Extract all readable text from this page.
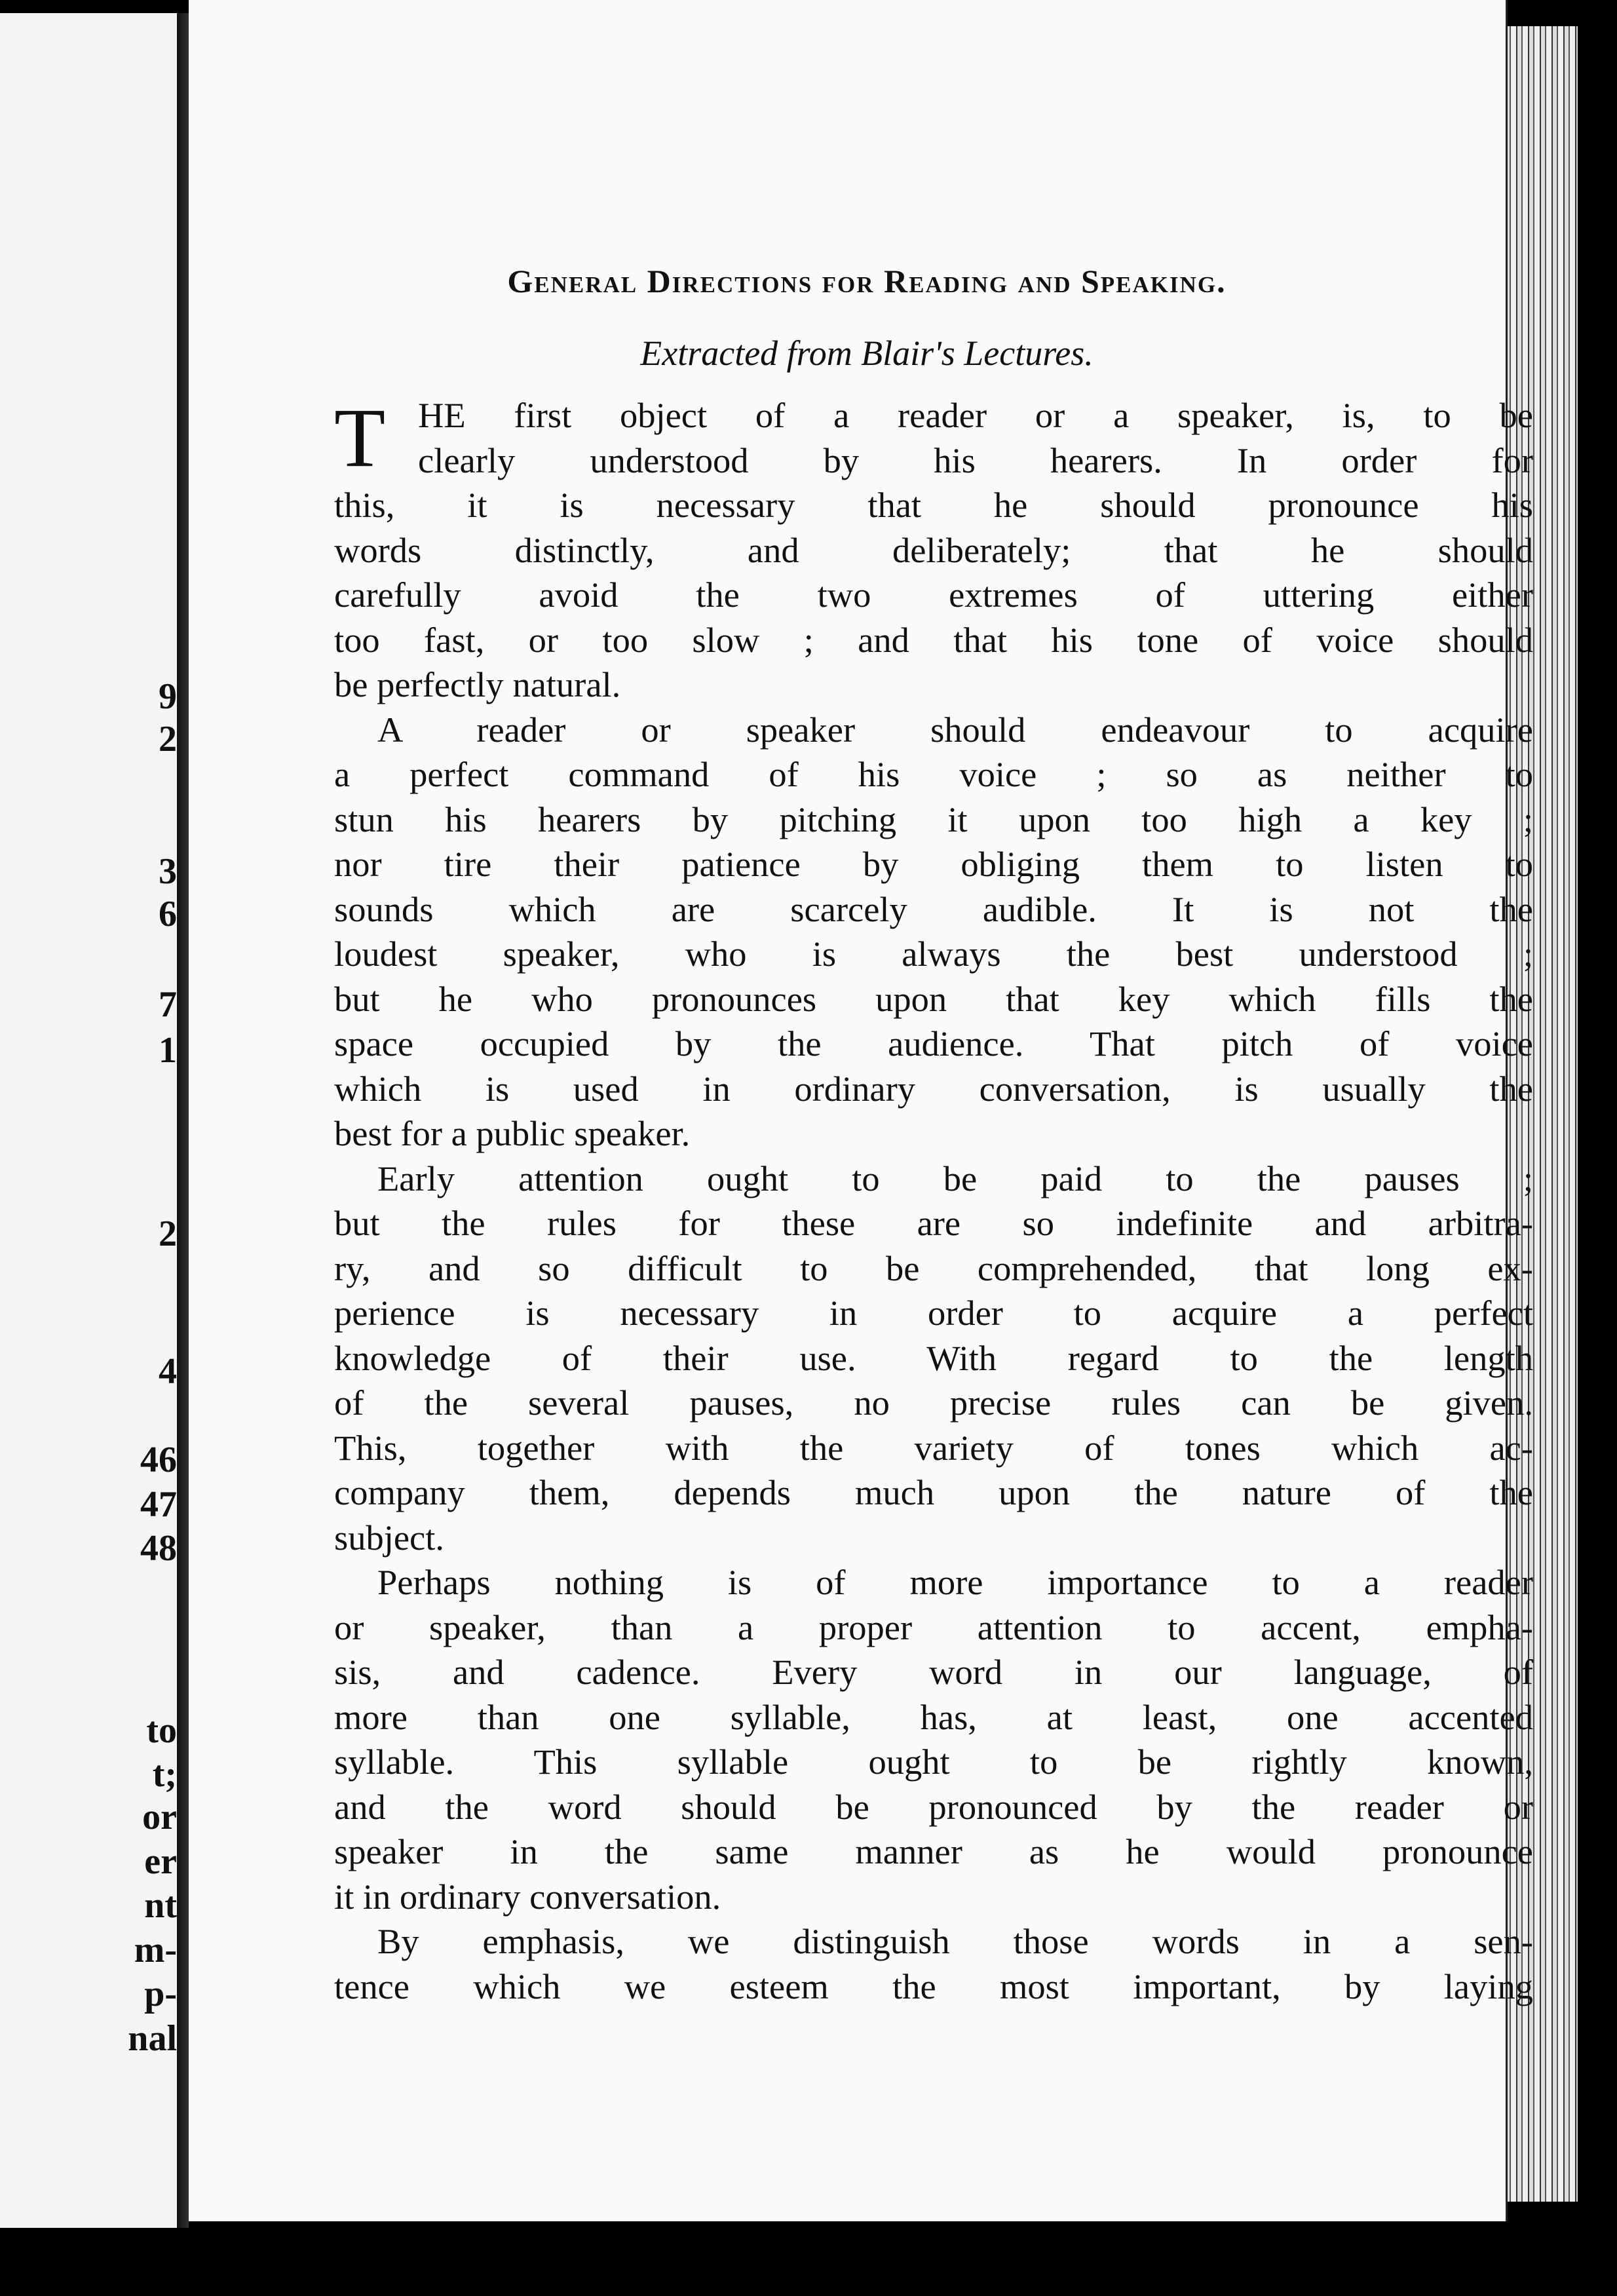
9
2
3
6
7
1
2
4
46
47
48
to
t;
or
er
nt
m-
p-
nal
General Directions for Reading and Speaking.
Extracted from Blair's Lectures.
T HE first object of a reader or a speaker, is, to be
clearly understood by his hearers. In order for
this, it is necessary that he should pronounce his
words distinctly, and deliberately; that he should
carefully avoid the two extremes of uttering either
too fast, or too slow ; and that his tone of voice should
be perfectly natural.
A reader or speaker should endeavour to acquire
a perfect command of his voice ; so as neither to
stun his hearers by pitching it upon too high a key ;
nor tire their patience by obliging them to listen to
sounds which are scarcely audible. It is not the
loudest speaker, who is always the best understood ;
but he who pronounces upon that key which fills the
space occupied by the audience. That pitch of voice
which is used in ordinary conversation, is usually the
best for a public speaker.
Early attention ought to be paid to the pauses ;
but the rules for these are so indefinite and arbitra-
ry, and so difficult to be comprehended, that long ex-
perience is necessary in order to acquire a perfect
knowledge of their use. With regard to the length
of the several pauses, no precise rules can be given.
This, together with the variety of tones which ac-
company them, depends much upon the nature of the
subject.
Perhaps nothing is of more importance to a reader
or speaker, than a proper attention to accent, empha-
sis, and cadence. Every word in our language, of
more than one syllable, has, at least, one accented
syllable. This syllable ought to be rightly known,
and the word should be pronounced by the reader or
speaker in the same manner as he would pronounce
it in ordinary conversation.
By emphasis, we distinguish those words in a sen-
tence which we esteem the most important, by laying
